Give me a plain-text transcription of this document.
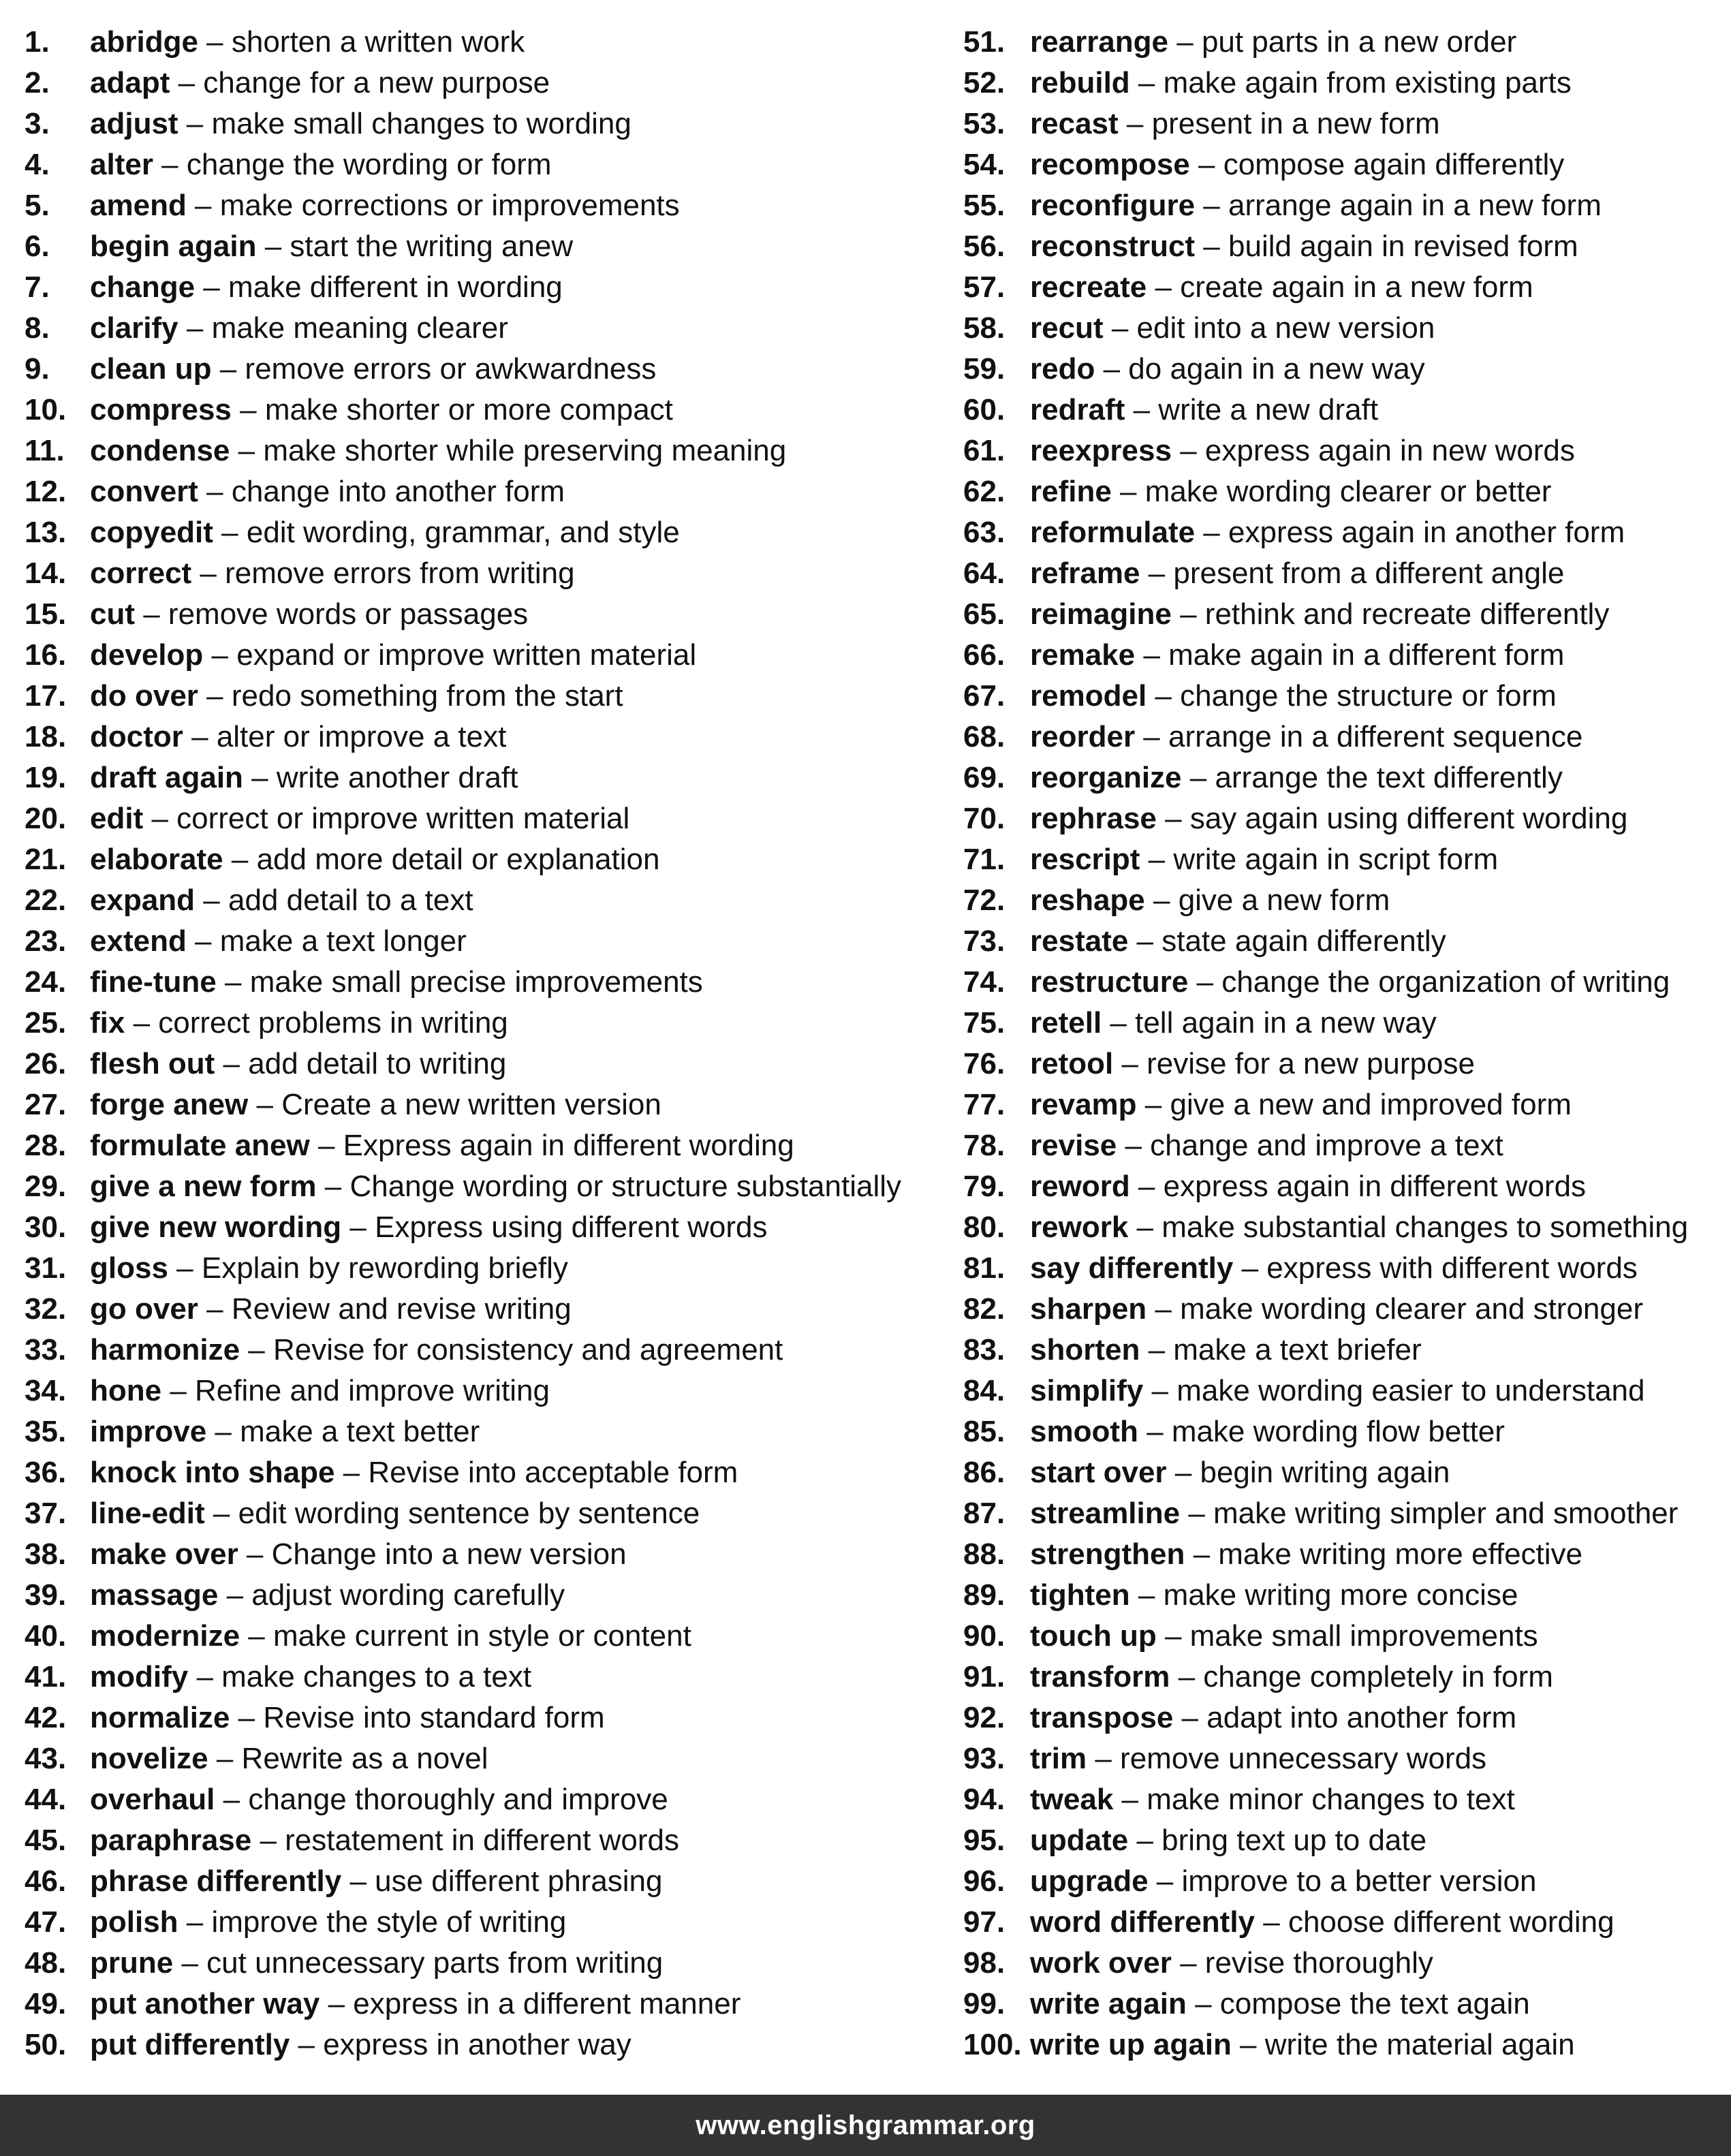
1. abridge – shorten a written work
2. adapt – change for a new purpose
3. adjust – make small changes to wording
4. alter – change the wording or form
5. amend – make corrections or improvements
6. begin again – start the writing anew
7. change – make different in wording
8. clarify – make meaning clearer
9. clean up – remove errors or awkwardness
10. compress – make shorter or more compact
11. condense – make shorter while preserving meaning
12. convert – change into another form
13. copyedit – edit wording, grammar, and style
14. correct – remove errors from writing
15. cut – remove words or passages
16. develop – expand or improve written material
17. do over – redo something from the start
18. doctor – alter or improve a text
19. draft again – write another draft
20. edit – correct or improve written material
21. elaborate – add more detail or explanation
22. expand – add detail to a text
23. extend – make a text longer
24. fine-tune – make small precise improvements
25. fix – correct problems in writing
26. flesh out – add detail to writing
27. forge anew – Create a new written version
28. formulate anew – Express again in different wording
29. give a new form – Change wording or structure substantially
30. give new wording – Express using different words
31. gloss – Explain by rewording briefly
32. go over – Review and revise writing
33. harmonize – Revise for consistency and agreement
34. hone – Refine and improve writing
35. improve – make a text better
36. knock into shape – Revise into acceptable form
37. line-edit – edit wording sentence by sentence
38. make over – Change into a new version
39. massage – adjust wording carefully
40. modernize – make current in style or content
41. modify – make changes to a text
42. normalize – Revise into standard form
43. novelize – Rewrite as a novel
44. overhaul – change thoroughly and improve
45. paraphrase – restatement in different words
46. phrase differently – use different phrasing
47. polish – improve the style of writing
48. prune – cut unnecessary parts from writing
49. put another way – express in a different manner
50. put differently – express in another way
51. rearrange – put parts in a new order
52. rebuild – make again from existing parts
53. recast – present in a new form
54. recompose – compose again differently
55. reconfigure – arrange again in a new form
56. reconstruct – build again in revised form
57. recreate – create again in a new form
58. recut – edit into a new version
59. redo – do again in a new way
60. redraft – write a new draft
61. reexpress – express again in new words
62. refine – make wording clearer or better
63. reformulate – express again in another form
64. reframe – present from a different angle
65. reimagine – rethink and recreate differently
66. remake – make again in a different form
67. remodel – change the structure or form
68. reorder – arrange in a different sequence
69. reorganize – arrange the text differently
70. rephrase – say again using different wording
71. rescript – write again in script form
72. reshape – give a new form
73. restate – state again differently
74. restructure – change the organization of writing
75. retell – tell again in a new way
76. retool – revise for a new purpose
77. revamp – give a new and improved form
78. revise – change and improve a text
79. reword – express again in different words
80. rework – make substantial changes to something
81. say differently – express with different words
82. sharpen – make wording clearer and stronger
83. shorten – make a text briefer
84. simplify – make wording easier to understand
85. smooth – make wording flow better
86. start over – begin writing again
87. streamline – make writing simpler and smoother
88. strengthen – make writing more effective
89. tighten – make writing more concise
90. touch up – make small improvements
91. transform – change completely in form
92. transpose – adapt into another form
93. trim – remove unnecessary words
94. tweak – make minor changes to text
95. update – bring text up to date
96. upgrade – improve to a better version
97. word differently – choose different wording
98. work over – revise thoroughly
99. write again – compose the text again
100. write up again – write the material again
www.englishgrammar.org
